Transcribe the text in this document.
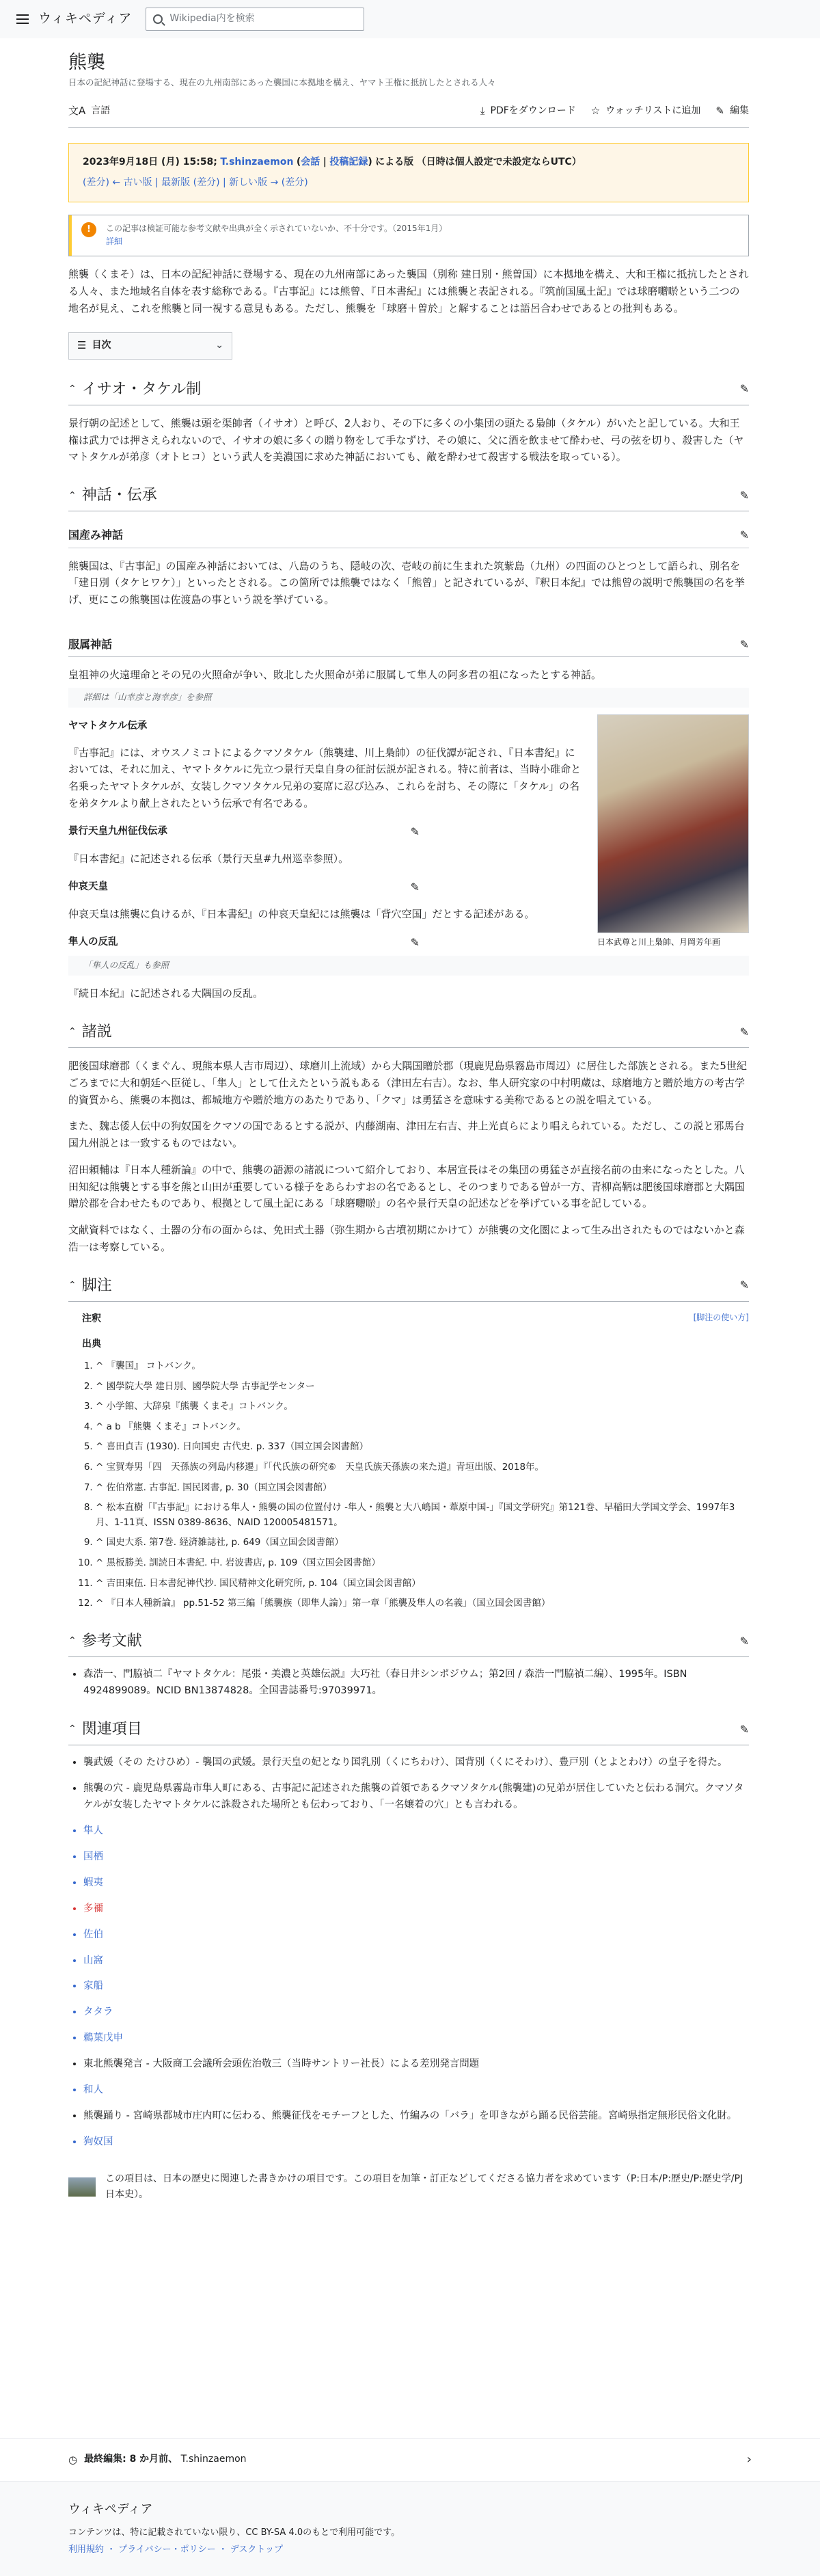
ウィキペディア	Wikipedia内を検索
熊襲
日本の記紀神話に登場する、現在の九州南部にあった襲国に本拠地を構え、ヤマト王権に抵抗したとされる人々
文A 言語	⤓ PDFをダウンロード ☆ ウォッチリストに追加 ✎ 編集
2023年9月18日 (月) 15:58; T.shinzaemon (会話 | 投稿記録) による版 （日時は個人設定で未設定ならUTC）
(差分) ← 古い版 | 最新版 (差分) | 新しい版 → (差分)
!	この記事は検証可能な参考文献や出典が全く示されていないか、不十分です。（2015年1月）
詳細

熊襲（くまそ）は、日本の記紀神話に登場する、現在の九州南部にあった襲国（別称 建日別・熊曽国）に本拠地を構え、大和王権に抵抗したとされる人々、また地域名自体を表す総称である。『古事記』には熊曾、『日本書紀』には熊襲と表記される。『筑前国風土記』では球磨囎唹という二つの地名が見え、これを熊襲と同一視する意見もある。ただし、熊襲を「球磨＋曽於」と解することは語呂合わせであるとの批判もある。

☰ 目次	⌄
⌃ イサオ・タケル制	✎

景行朝の記述として、熊襲は頭を渠帥者（イサオ）と呼び、2人おり、その下に多くの小集団の頭たる梟帥（タケル）がいたと記している。大和王権は武力では押さえられないので、イサオの娘に多くの贈り物をして手なずけ、その娘に、父に酒を飲ませて酔わせ、弓の弦を切り、殺害した（ヤマトタケルが弟彦（オトヒコ）という武人を美濃国に求めた神話においても、敵を酔わせて殺害する戦法を取っている）。

⌃ 神話・伝承	✎
国産み神話	✎

熊襲国は、『古事記』の国産み神話においては、八島のうち、隠岐の次、壱岐の前に生まれた筑紫島（九州）の四面のひとつとして語られ、別名を「建日別（タケヒワケ）」といったとされる。この箇所では熊襲ではなく「熊曾」と記されているが、『釈日本紀』では熊曾の説明で熊襲国の名を挙げ、更にこの熊襲国は佐渡島の事という説を挙げている。

服属神話	✎

皇祖神の火遠理命とその兄の火照命が争い、敗北した火照命が弟に服属して隼人の阿多君の祖になったとする神話。

詳細は「山幸彦と海幸彦」を参照
日本武尊と川上梟帥、月岡芳年画
ヤマトタケル伝承

『古事記』には、オウスノミコトによるクマソタケル（熊襲建、川上梟帥）の征伐譚が記され、『日本書紀』においては、それに加え、ヤマトタケルに先立つ景行天皇自身の征討伝説が記される。特に前者は、当時小碓命と名乗ったヤマトタケルが、女装しクマソタケル兄弟の宴席に忍び込み、これらを討ち、その際に「タケル」の名を弟タケルより献上されたという伝承で有名である。

景行天皇九州征伐伝承	✎

『日本書紀』に記述される伝承（景行天皇#九州巡幸参照）。

仲哀天皇	✎

仲哀天皇は熊襲に負けるが、『日本書紀』の仲哀天皇紀には熊襲は「背穴空国」だとする記述がある。

隼人の反乱	✎
「隼人の反乱」も参照

『続日本紀』に記述される大隅国の反乱。

⌃ 諸説	✎

肥後国球磨郡（くまぐん、現熊本県人吉市周辺）、球磨川上流域）から大隅国贈於郡（現鹿児島県霧島市周辺）に居住した部族とされる。また5世紀ごろまでに大和朝廷へ臣従し、「隼人」として仕えたという説もある（津田左右吉）。なお、隼人研究家の中村明蔵は、球磨地方と贈於地方の考古学的資質から、熊襲の本拠は、都城地方や贈於地方のあたりであり、「クマ」は勇猛さを意味する美称であるとの説を唱えている。

また、魏志倭人伝中の狗奴国をクマソの国であるとする説が、内藤湖南、津田左右吉、井上光貞らにより唱えられている。ただし、この説と邪馬台国九州説とは一致するものではない。

沼田頼輔は『日本人種新論』の中で、熊襲の語源の諸説について紹介しており、本居宣長はその集団の勇猛さが直接名前の由来になったとした。八田知紀は熊襲とする事を熊と山田が重要している様子をあらわすおの名であるとし、そのつまりである曽が一方、青柳高鞆は肥後国球磨郡と大隅国贈於郡を合わせたものであり、根拠として風土記にある「球磨囎唹」の名や景行天皇の記述などを挙げている事を記している。

文献資料ではなく、土器の分布の面からは、免田式土器（弥生期から古墳初期にかけて）が熊襲の文化圏によって生み出されたものではないかと森浩一は考察している。

⌃ 脚注	✎
注釈	[脚注の使い方]
出典
1. ^ 『襲国』 コトバンク。
2. ^ 國學院大學 建日別、國學院大學 古事記学センター
3. ^ 小学館、大辞泉『熊襲 くまそ』コトバンク。
4. ^ a b 『熊襲 くまそ』コトバンク。
5. ^ 喜田貞吉 (1930). 日向国史 古代史. p. 337（国立国会図書館）
6. ^ 宝賀寿男「四　天孫族の列島内移遷」『「代氏族の研究⑥　天皇氏族天孫族の来た道』青垣出版、2018年。
7. ^ 佐伯常憲. 古事記. 国民図書, p. 30（国立国会図書館）
8. ^ 松本直樹「『古事記』における隼人・熊襲の国の位置付け -隼人・熊襲と大八嶋国・葦原中国-」『国文学研究』第121巻、早稲田大学国文学会、1997年3月、1-11頁、ISSN 0389-8636、NAID 120005481571。
9. ^ 国史大系. 第7巻. 経済雑誌社, p. 649（国立国会図書館）
10. ^ 黒板勝美. 訓読日本書紀. 中. 岩波書店, p. 109（国立国会図書館）
11. ^ 吉田東伍. 日本書紀神代抄. 国民精神文化研究所, p. 104（国立国会図書館）
12. ^ 『日本人種新論』 pp.51-52 第三編「熊襲族（即隼人論）」第一章「熊襲及隼人の名義」（国立国会図書館）
⌃ 参考文献	✎
• 森浩一、門脇禎二『ヤマトタケル：尾張・美濃と英雄伝説』大巧社（春日井シンポジウム；第2回 / 森浩一門脇禎二編）、1995年。ISBN 4924899089。NCID BN13874828。全国書誌番号:97039971。
⌃ 関連項目	✎
• 襲武媛（その たけひめ）- 襲国の武媛。景行天皇の妃となり国乳別（くにちわけ）、国背別（くにそわけ）、豊戸別（とよとわけ）の皇子を得た。
• 熊襲の穴 - 鹿児島県霧島市隼人町にある、古事記に記述された熊襲の首領であるクマソタケル(熊襲建)の兄弟が居住していたと伝わる洞穴。クマソタケルが女装したヤマトタケルに誅殺された場所とも伝わっており、「一名嬢着の穴」とも言われる。
• 隼人
• 国栖
• 蝦夷
• 多禰
• 佐伯
• 山窩
• 家船
• タタラ
• 鵜葉戊申
• 東北熊襲発言 - 大阪商工会議所会頭佐治敬三（当時サントリー社長）による差別発言問題
• 和人
• 熊襲踊り - 宮崎県都城市庄内町に伝わる、熊襲征伐をモチーフとした、竹編みの「バラ」を叩きながら踊る民俗芸能。宮崎県指定無形民俗文化財。
• 狗奴国
この項目は、日本の歴史に関連した書きかけの項目です。この項目を加筆・訂正などしてくださる協力者を求めています（P:日本/P:歴史/P:歴史学/PJ日本史）。
◷ 最終編集: 8 か月前、
T.shinzaemon	›
ウィキペディア
コンテンツは、特に記載されていない限り、CC BY-SA 4.0のもとで利用可能です。
利用規約 ・ プライバシー・ポリシー ・ デスクトップ
